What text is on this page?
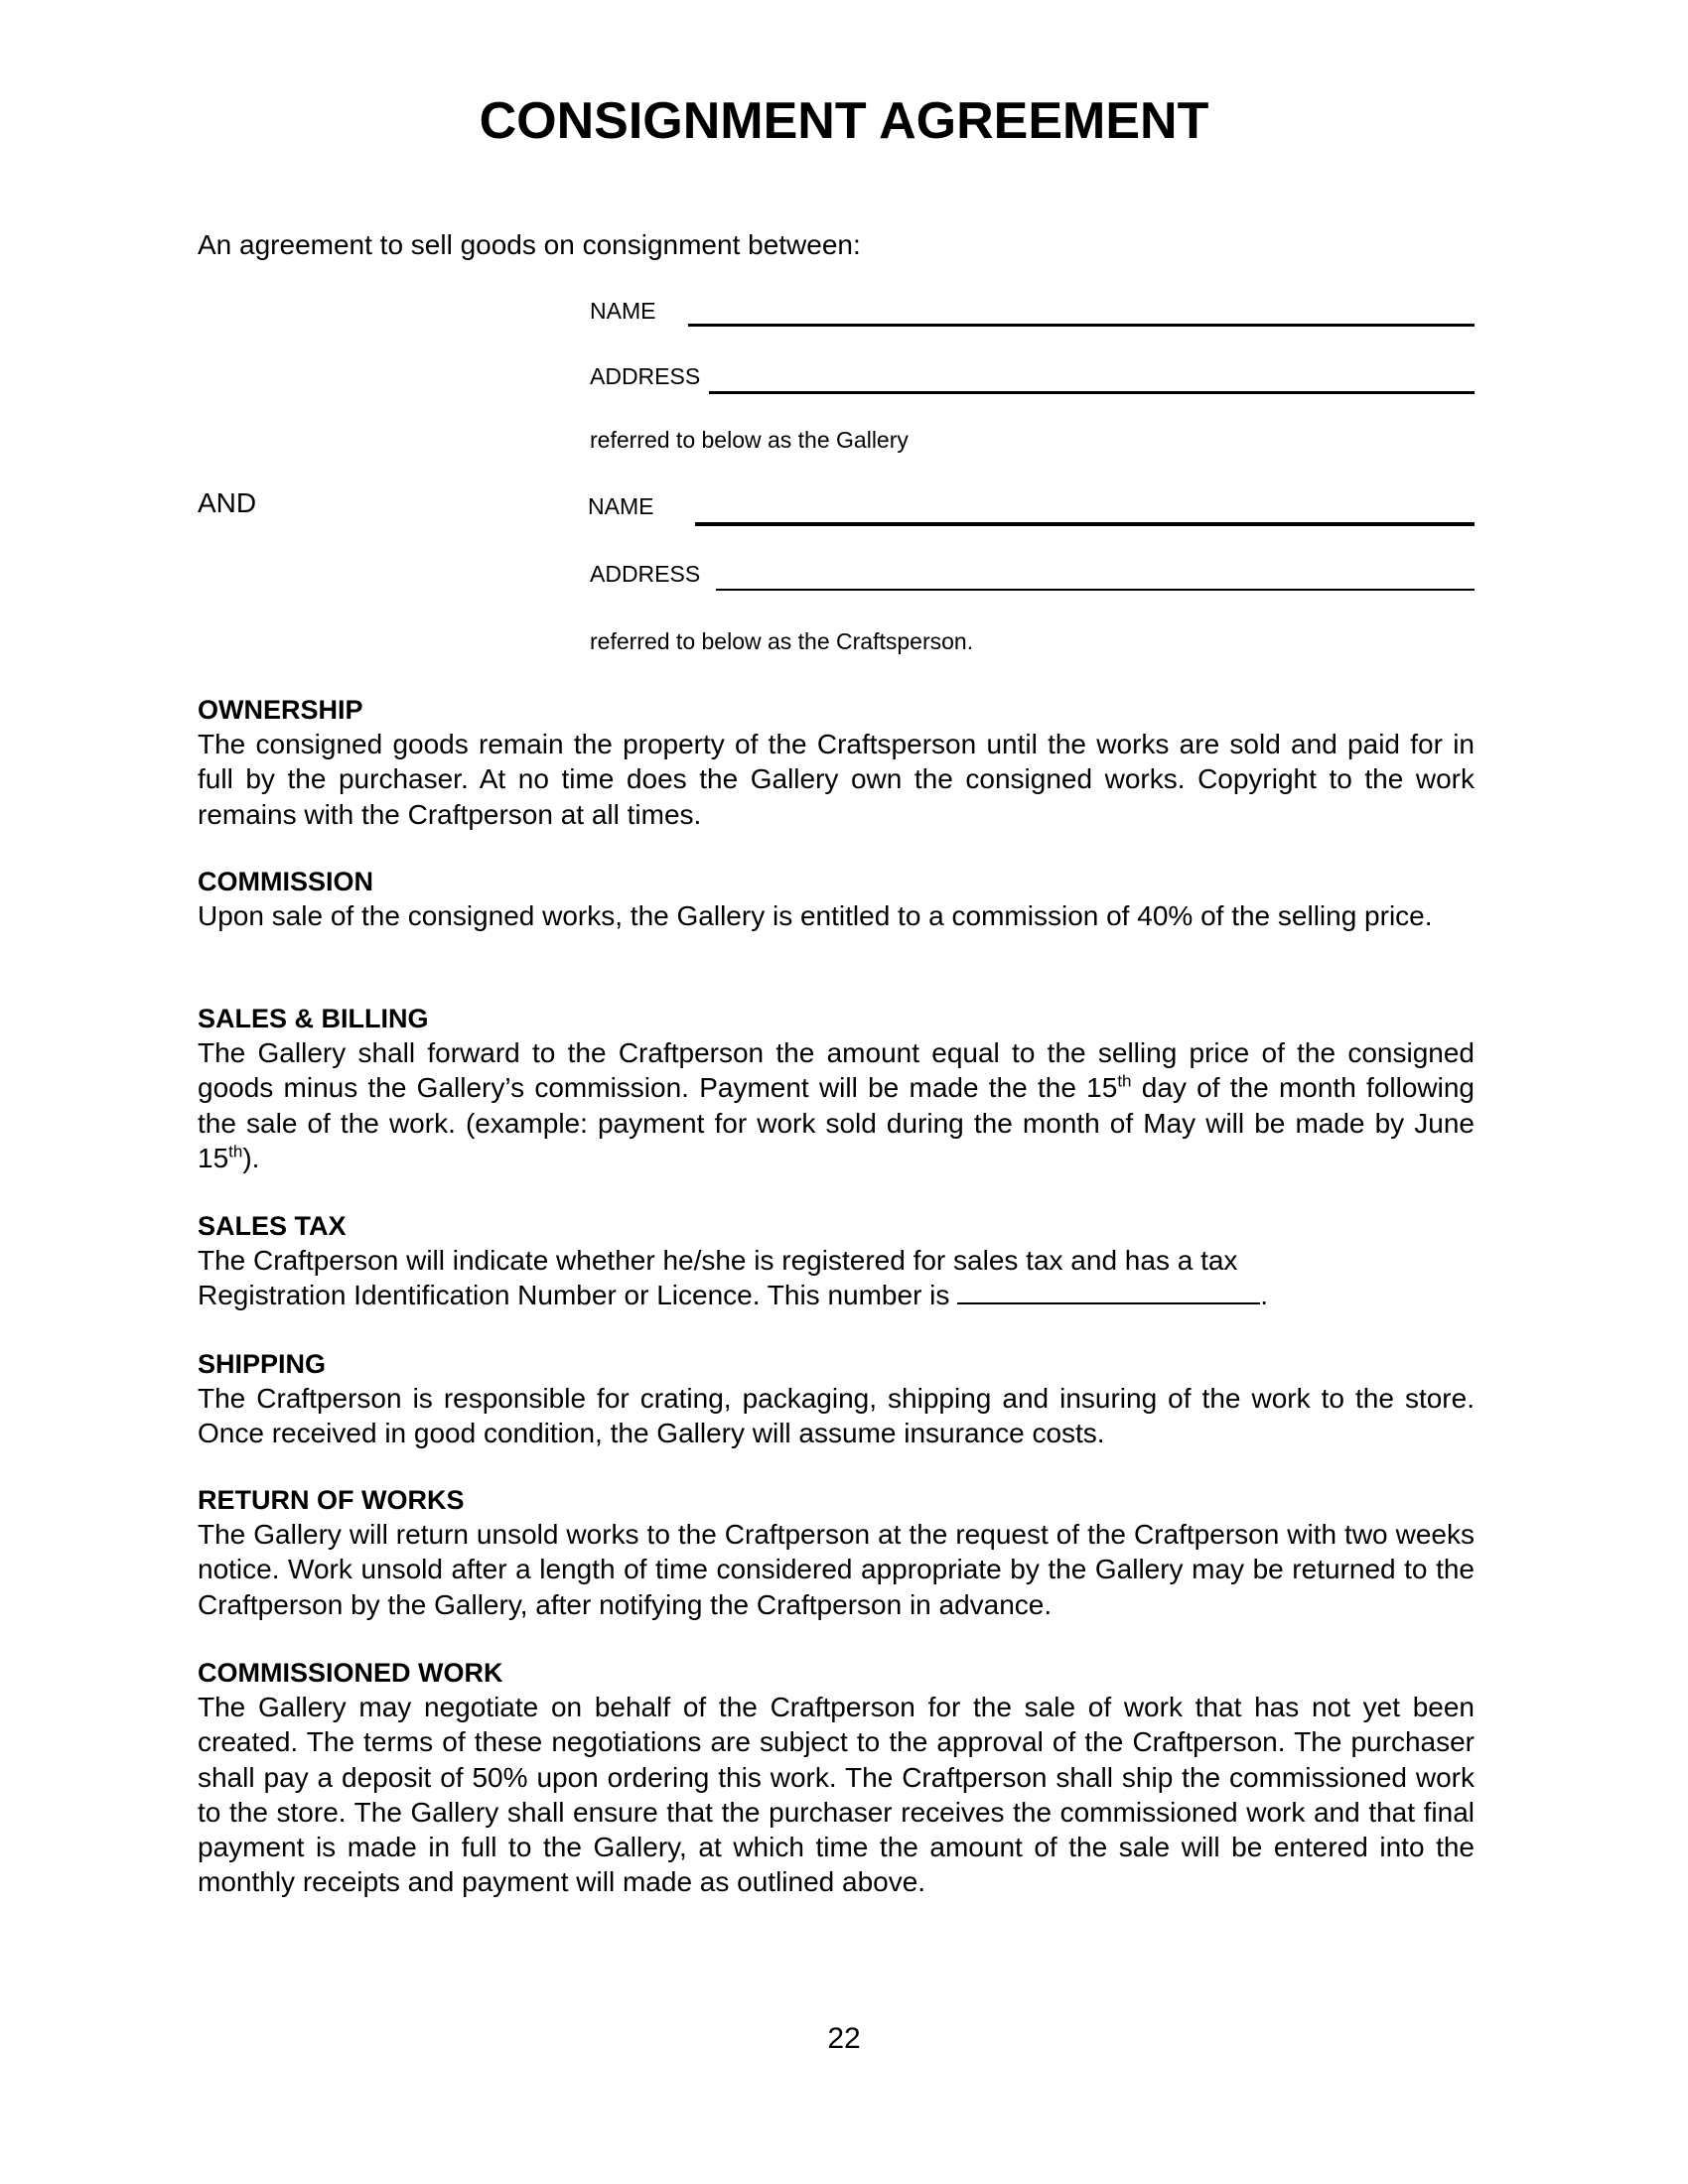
CONSIGNMENT AGREEMENT
An agreement to sell goods on consignment between:
NAME
ADDRESS
referred to below as the Gallery
AND	NAME
ADDRESS
referred to below as the Craftsperson.
OWNERSHIP
The consigned goods remain the property of the Craftsperson until the works are sold and paid for in full by the purchaser. At no time does the Gallery own the consigned works. Copyright to the work remains with the Craftperson at all times.
COMMISSION
Upon sale of the consigned works, the Gallery is entitled to a commission of 40% of the selling price.
SALES & BILLING
The Gallery shall forward to the Craftperson the amount equal to the selling price of the consigned goods minus the Gallery’s commission. Payment will be made the the 15th day of the month following the sale of the work. (example: payment for work sold during the month of May will be made by June 15th).
SALES TAX
The Craftperson will indicate whether he/she is registered for sales tax and has a tax
Registration Identification Number or Licence. This number is	.
SHIPPING
The Craftperson is responsible for crating, packaging, shipping and insuring of the work to the store. Once received in good condition, the Gallery will assume insurance costs.
RETURN OF WORKS
The Gallery will return unsold works to the Craftperson at the request of the Craftperson with two weeks notice. Work unsold after a length of time considered appropriate by the Gallery may be returned to the Craftperson by the Gallery, after notifying the Craftperson in advance.
COMMISSIONED WORK
The Gallery may negotiate on behalf of the Craftperson for the sale of work that has not yet been created. The terms of these negotiations are subject to the approval of the Craftperson. The purchaser shall pay a deposit of 50% upon ordering this work. The Craftperson shall ship the commissioned work to the store. The Gallery shall ensure that the purchaser receives the commissioned work and that final payment is made in full to the Gallery, at which time the amount of the sale will be entered into the monthly receipts and payment will made as outlined above.
22
